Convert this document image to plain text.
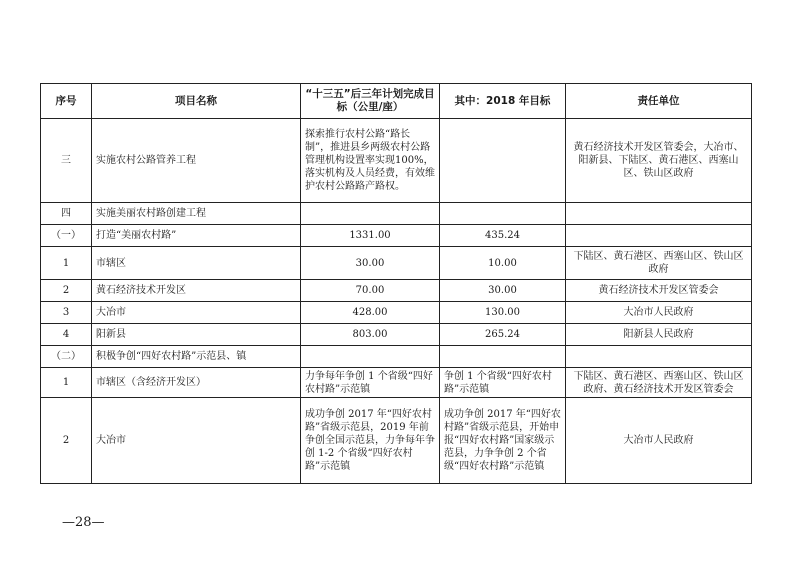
序号	项目名称	“十三五”后三年计划完成目标（公里/座）	其中：2018 年目标	责任单位
三	实施农村公路管养工程	探索推行农村公路“路长制”，推进县乡两级农村公路管理机构设置率实现100%，落实机构及人员经费，有效维护农村公路路产路权。		黄石经济技术开发区管委会，大冶市、阳新县、下陆区、黄石港区、西塞山区、铁山区政府
四	实施美丽农村路创建工程			
（一）	打造“美丽农村路”	1331.00	435.24	
1	市辖区	30.00	10.00	下陆区、黄石港区、西塞山区、铁山区政府
2	黄石经济技术开发区	70.00	30.00	黄石经济技术开发区管委会
3	大冶市	428.00	130.00	大冶市人民政府
4	阳新县	803.00	265.24	阳新县人民政府
（二）	积极争创“四好农村路”示范县、镇			
1	市辖区（含经济开发区）	力争每年争创 1 个省级“四好农村路”示范镇	争创 1 个省级“四好农村路”示范镇	下陆区、黄石港区、西塞山区、铁山区政府、黄石经济技术开发区管委会
2	大冶市	成功争创 2017 年“四好农村路”省级示范县，2019 年前争创全国示范县，力争每年争创 1-2 个省级“四好农村路”示范镇	成功争创 2017 年“四好农村路”省级示范县，开始申报“四好农村路”国家级示范县，力争争创 2 个省级“四好农村路”示范镇	大冶市人民政府
—28—
